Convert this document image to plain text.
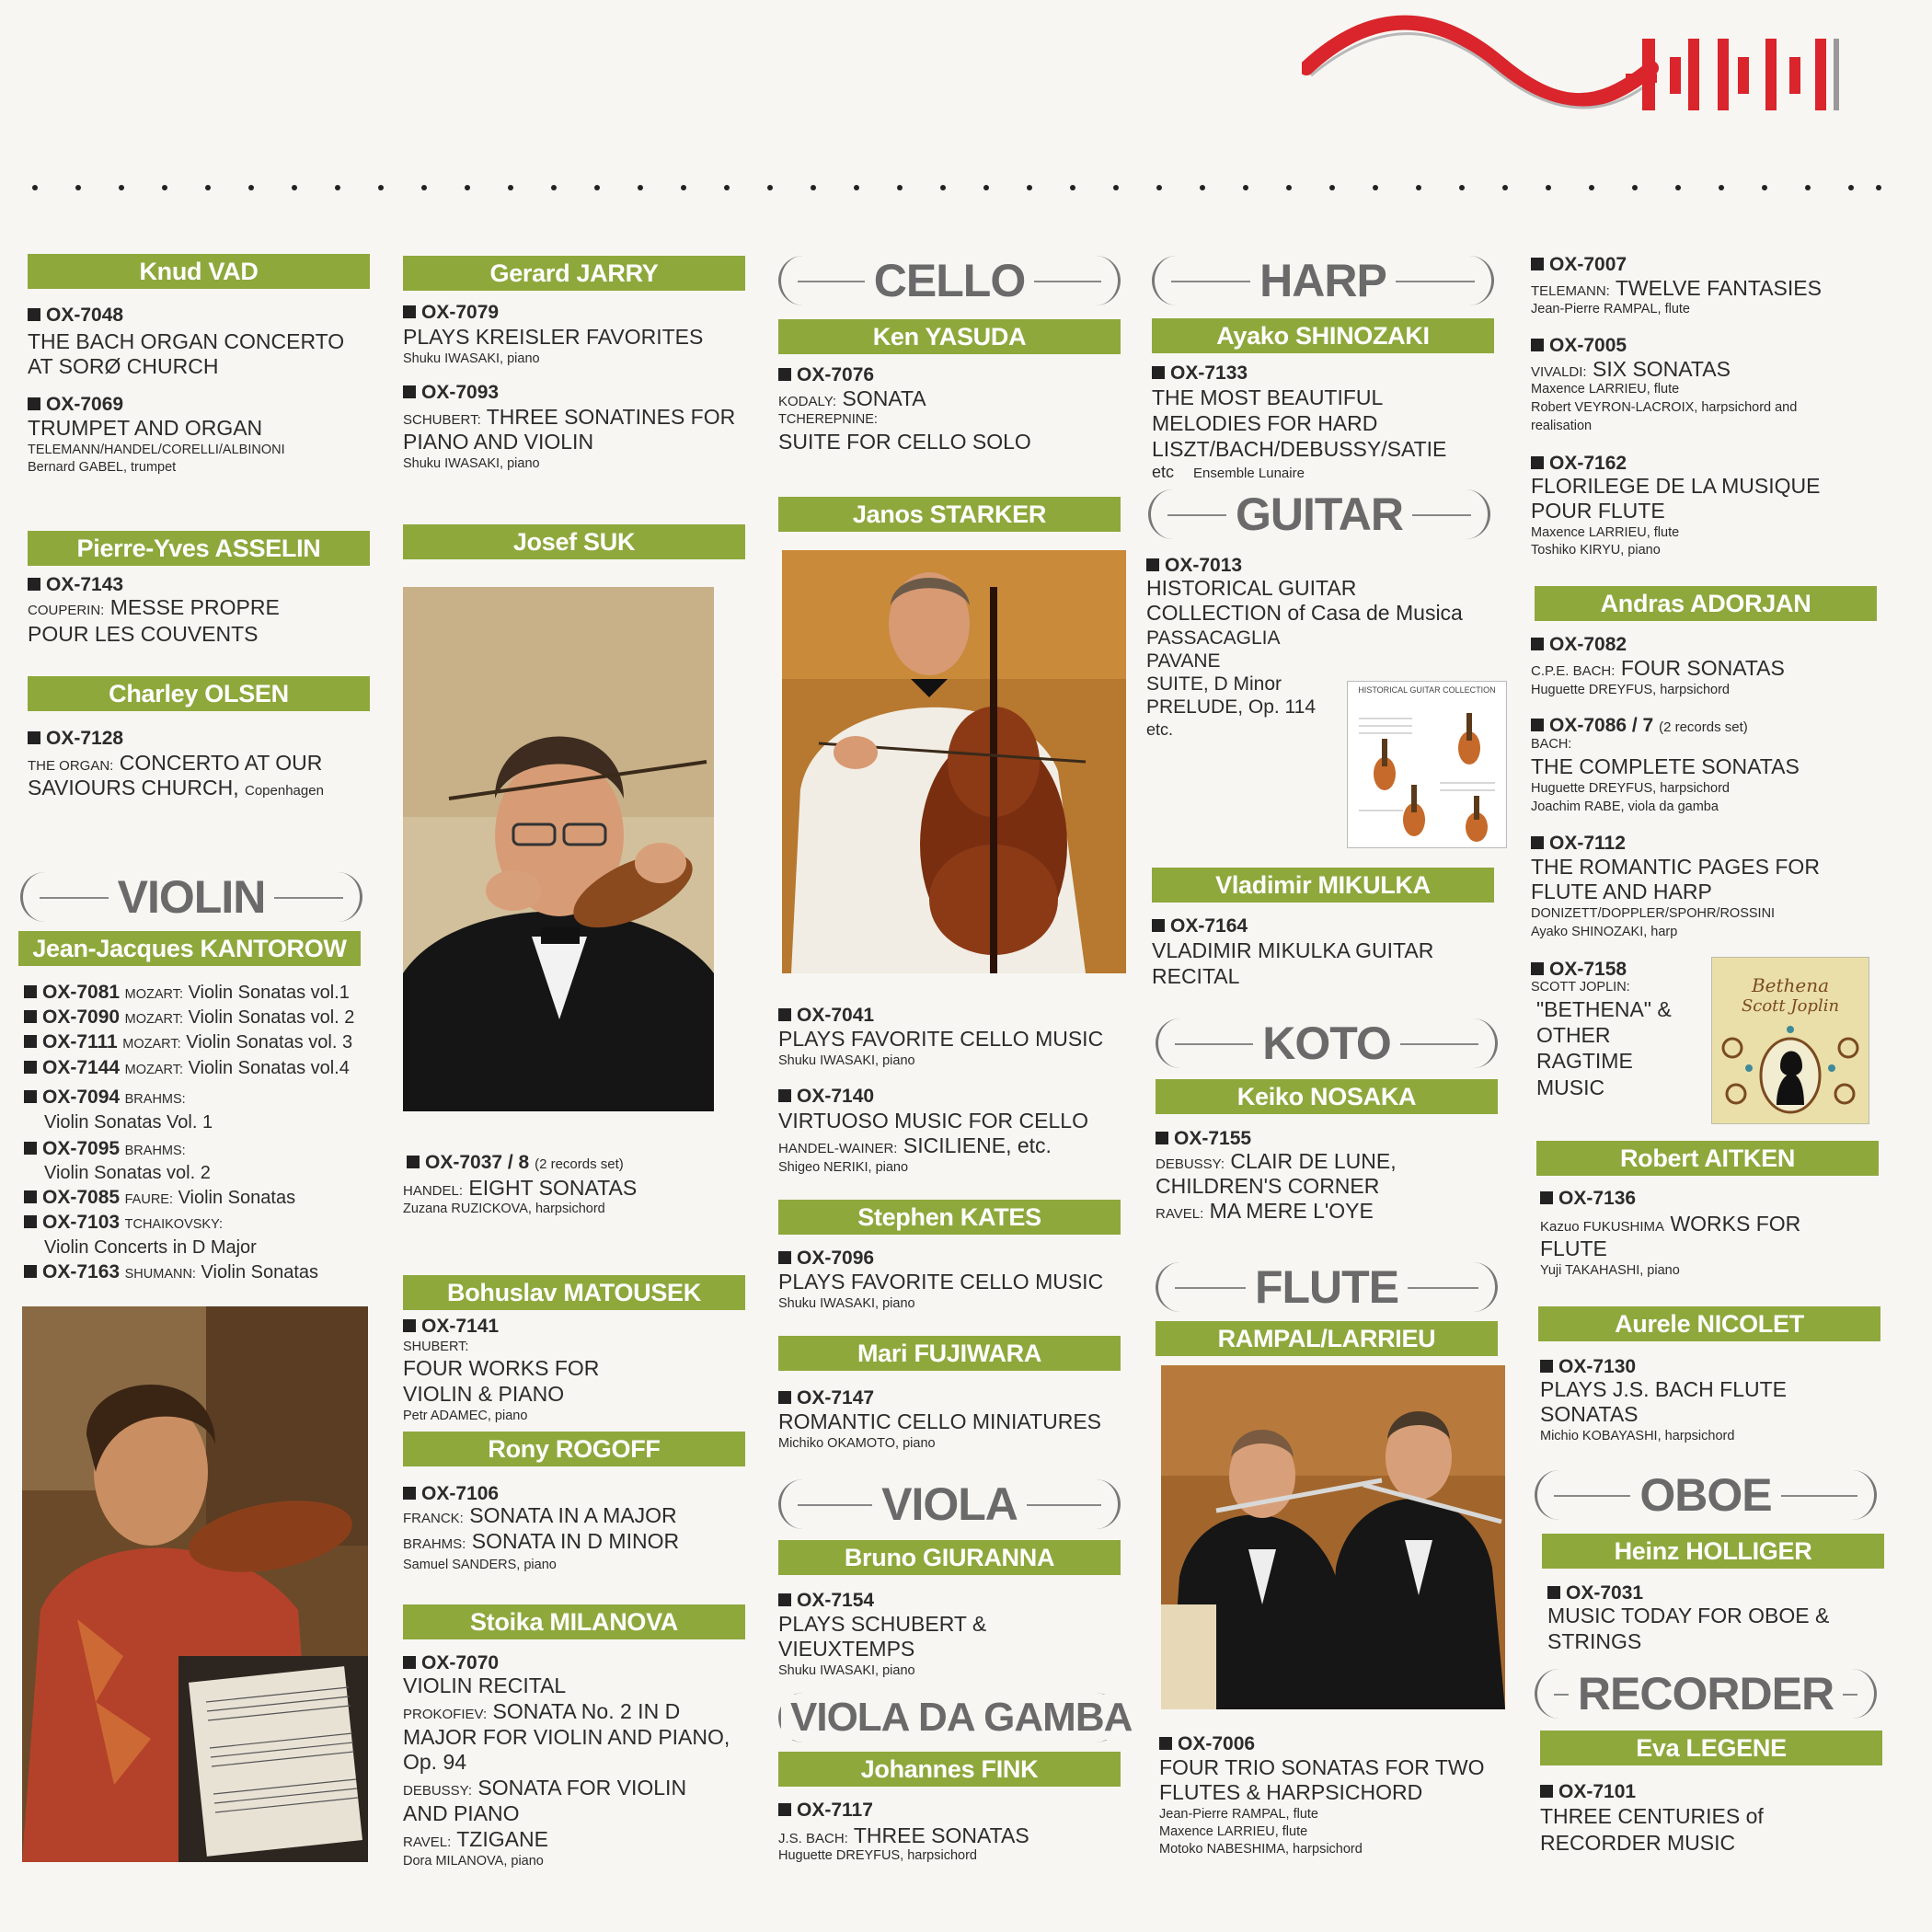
Knud VAD
OX-7048
THE BACH ORGAN CONCERTO
AT SORØ CHURCH
OX-7069
TRUMPET AND ORGAN
TELEMANN/HANDEL/CORELLI/ALBINONI
Bernard GABEL, trumpet
Pierre-Yves ASSELIN
OX-7143
COUPERIN: MESSE PROPRE
POUR LES COUVENTS
Charley OLSEN
OX-7128
THE ORGAN: CONCERTO AT OUR
SAVIOURS CHURCH, Copenhagen
VIOLIN
Jean-Jacques KANTOROW
OX-7081 MOZART: Violin Sonatas vol.1
OX-7090 MOZART: Violin Sonatas vol. 2
OX-7111 MOZART: Violin Sonatas vol. 3
OX-7144 MOZART: Violin Sonatas vol.4
OX-7094 BRAHMS:
Violin Sonatas Vol. 1
OX-7095 BRAHMS:
Violin Sonatas vol. 2
OX-7085 FAURE: Violin Sonatas
OX-7103 TCHAIKOVSKY:
Violin Concerts in D Major
OX-7163 SHUMANN: Violin Sonatas
Gerard JARRY
OX-7079
PLAYS KREISLER FAVORITES
Shuku IWASAKI, piano
OX-7093
SCHUBERT: THREE SONATINES FOR
PIANO AND VIOLIN
Shuku IWASAKI, piano
Josef SUK
OX-7037 / 8 (2 records set)
HANDEL: EIGHT SONATAS
Zuzana RUZICKOVA, harpsichord
Bohuslav MATOUSEK
OX-7141
SHUBERT:
FOUR WORKS FOR
VIOLIN & PIANO
Petr ADAMEC, piano
Rony ROGOFF
OX-7106
FRANCK: SONATA IN A MAJOR
BRAHMS: SONATA IN D MINOR
Samuel SANDERS, piano
Stoika MILANOVA
OX-7070
VIOLIN RECITAL
PROKOFIEV: SONATA No. 2 IN D
MAJOR FOR VIOLIN AND PIANO,
Op. 94
DEBUSSY: SONATA FOR VIOLIN
AND PIANO
RAVEL: TZIGANE
Dora MILANOVA, piano
CELLO
Ken YASUDA
OX-7076
KODALY: SONATA
TCHEREPNINE:
SUITE FOR CELLO SOLO
Janos STARKER
OX-7041
PLAYS FAVORITE CELLO MUSIC
Shuku IWASAKI, piano
OX-7140
VIRTUOSO MUSIC FOR CELLO
HANDEL-WAINER: SICILIENE, etc.
Shigeo NERIKI, piano
Stephen KATES
OX-7096
PLAYS FAVORITE CELLO MUSIC
Shuku IWASAKI, piano
Mari FUJIWARA
OX-7147
ROMANTIC CELLO MINIATURES
Michiko OKAMOTO, piano
VIOLA
Bruno GIURANNA
OX-7154
PLAYS SCHUBERT &
VIEUXTEMPS
Shuku IWASAKI, piano
VIOLA DA GAMBA
Johannes FINK
OX-7117
J.S. BACH: THREE SONATAS
Huguette DREYFUS, harpsichord
HARP
Ayako SHINOZAKI
OX-7133
THE MOST BEAUTIFUL
MELODIES FOR HARD
LISZT/BACH/DEBUSSY/SATIE
etc Ensemble Lunaire
GUITAR
OX-7013
HISTORICAL GUITAR
COLLECTION of Casa de Musica
PASSACAGLIA
PAVANE
SUITE, D Minor
PRELUDE, Op. 114
etc.
HISTORICAL GUITAR COLLECTION
Vladimir MIKULKA
OX-7164
VLADIMIR MIKULKA GUITAR
RECITAL
KOTO
Keiko NOSAKA
OX-7155
DEBUSSY: CLAIR DE LUNE,
CHILDREN'S CORNER
RAVEL: MA MERE L'OYE
FLUTE
RAMPAL/LARRIEU
OX-7006
FOUR TRIO SONATAS FOR TWO
FLUTES & HARPSICHORD
Jean-Pierre RAMPAL, flute
Maxence LARRIEU, flute
Motoko NABESHIMA, harpsichord
OX-7007
TELEMANN: TWELVE FANTASIES
Jean-Pierre RAMPAL, flute
OX-7005
VIVALDI: SIX SONATAS
Maxence LARRIEU, flute
Robert VEYRON-LACROIX, harpsichord and
realisation
OX-7162
FLORILEGE DE LA MUSIQUE
POUR FLUTE
Maxence LARRIEU, flute
Toshiko KIRYU, piano
Andras ADORJAN
OX-7082
C.P.E. BACH: FOUR SONATAS
Huguette DREYFUS, harpsichord
OX-7086 / 7 (2 records set)
BACH:
THE COMPLETE SONATAS
Huguette DREYFUS, harpsichord
Joachim RABE, viola da gamba
OX-7112
THE ROMANTIC PAGES FOR
FLUTE AND HARP
DONIZETT/DOPPLER/SPOHR/ROSSINI
Ayako SHINOZAKI, harp
OX-7158
SCOTT JOPLIN:
"BETHENA" &
OTHER
RAGTIME
MUSIC
Bethena
Scott Joplin
Robert AITKEN
OX-7136
Kazuo FUKUSHIMA WORKS FOR
FLUTE
Yuji TAKAHASHI, piano
Aurele NICOLET
OX-7130
PLAYS J.S. BACH FLUTE
SONATAS
Michio KOBAYASHI, harpsichord
OBOE
Heinz HOLLIGER
OX-7031
MUSIC TODAY FOR OBOE &
STRINGS
RECORDER
Eva LEGENE
OX-7101
THREE CENTURIES of
RECORDER MUSIC
